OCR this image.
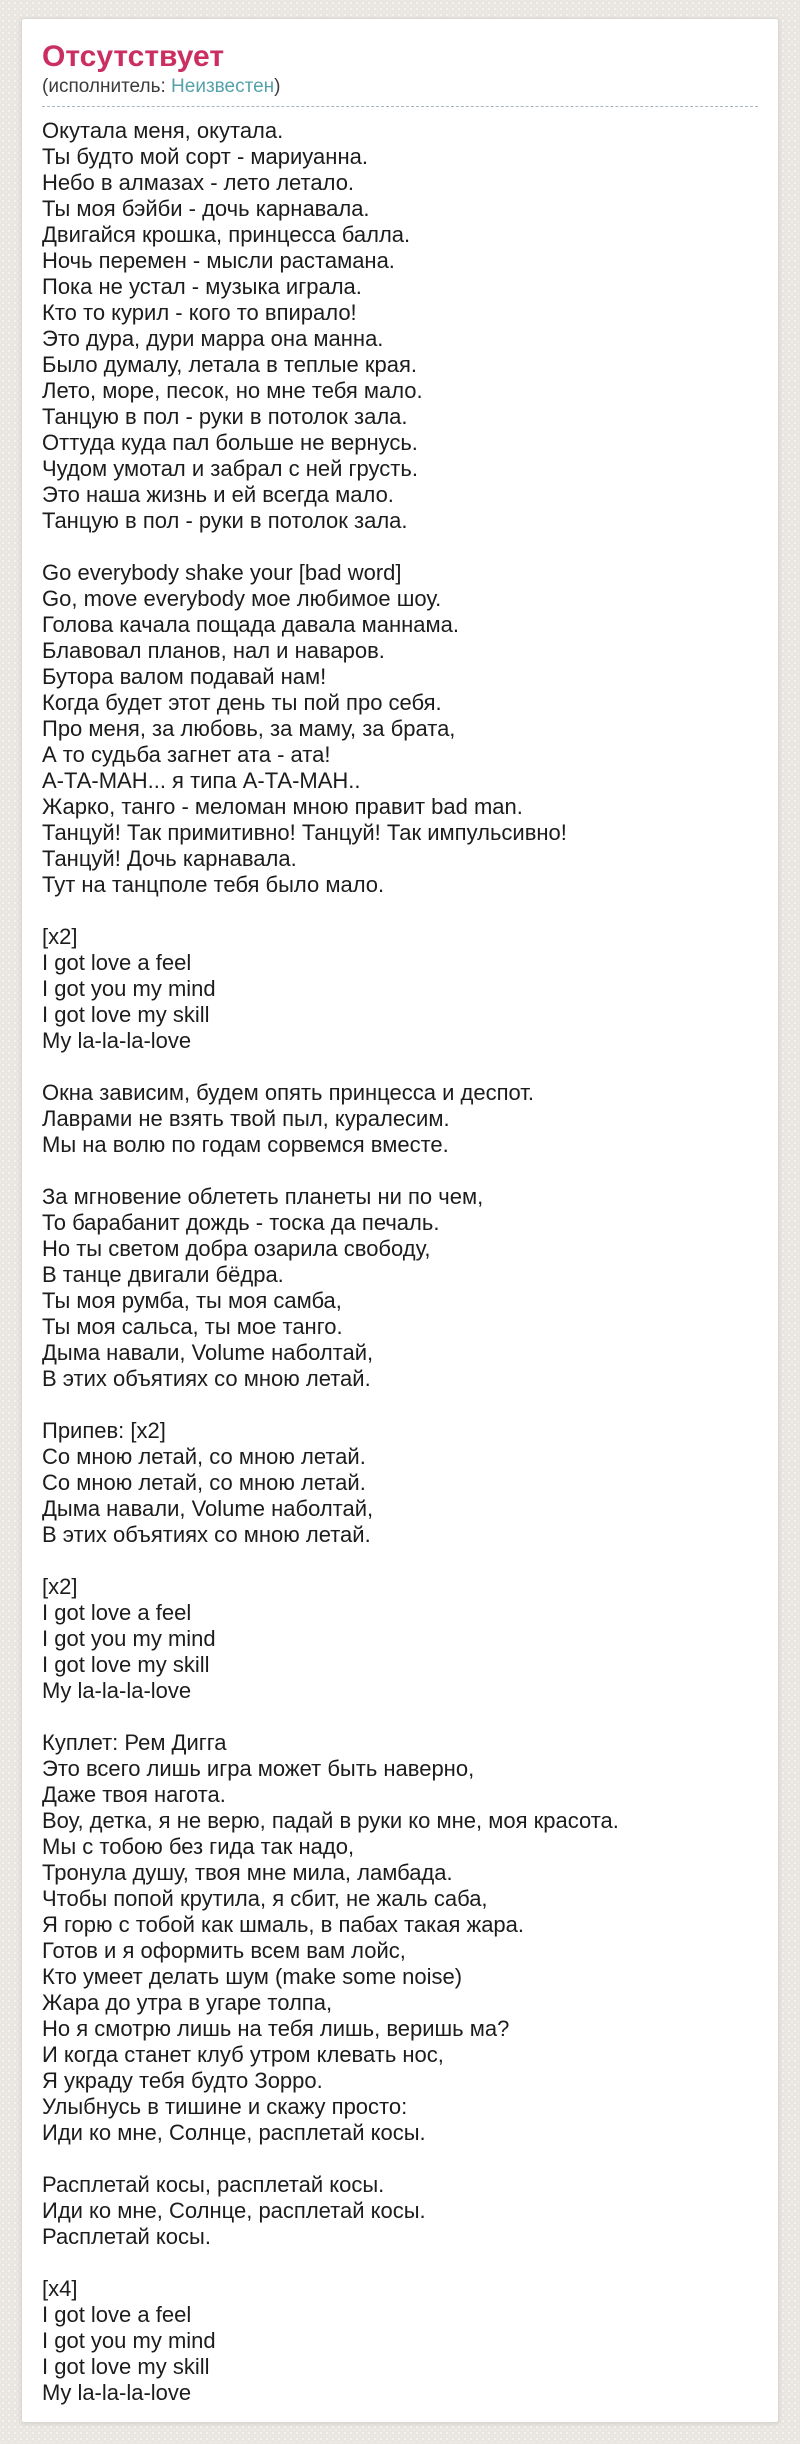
Отсутствует
(исполнитель: Неизвестен)
Окутала меня, окутала.
Ты будто мой сорт - мариуанна.
Небо в алмазах - лето летало.
Ты моя бэйби - дочь карнавала.
Двигайся крошка, принцесса балла.
Ночь перемен - мысли растамана.
Пока не устал - музыка играла.
Кто то курил - кого то впирало!
Это дура, дури марра она манна.
Было думалу, летала в теплые края.
Лето, море, песок, но мне тебя мало.
Танцую в пол - руки в потолок зала.
Оттуда куда пал больше не вернусь.
Чудом умотал и забрал с ней грусть.
Это наша жизнь и ей всегда мало.
Танцую в пол - руки в потолок зала.

Go everybody shake your [bad word]
Go, move everybody мое любимое шоу.
Голова качала пощада давала маннама.
Блавовал планов, нал и наваров.
Бутора валом подавай нам!
Когда будет этот день ты пой про себя.
Про меня, за любовь, за маму, за брата,
А то судьба загнет ата - ата!
А-ТА-МАН... я типа А-ТА-МАН..
Жарко, танго - меломан мною правит bad man.
Танцуй! Так примитивно! Танцуй! Так импульсивно!
Танцуй! Дочь карнавала.
Тут на танцполе тебя было мало.

[x2]
I got love a feel
I got you my mind
I got love my skill
My la-la-la-love

Окна зависим, будем опять принцесса и деспот.
Лаврами не взять твой пыл, куралесим.
Мы на волю по годам сорвемся вместе.

За мгновение облететь планеты ни по чем,
То барабанит дождь - тоска да печаль.
Но ты светом добра озарила свободу,
В танце двигали бёдра.
Ты моя румба, ты моя самба,
Ты моя сальса, ты мое танго.
Дыма навали, Volume наболтай,
В этих объятиях со мною летай.

Припев: [x2]
Со мною летай, со мною летай.
Со мною летай, со мною летай.
Дыма навали, Volume наболтай,
В этих объятиях со мною летай.

[x2]
I got love a feel
I got you my mind
I got love my skill
My la-la-la-love

Куплет: Рем Дигга
Это всего лишь игра может быть наверно,
Даже твоя нагота.
Воу, детка, я не верю, падай в руки ко мне, моя красота.
Мы с тобою без гида так надо,
Тронула душу, твоя мне мила, ламбада.
Чтобы попой крутила, я сбит, не жаль саба,
Я горю с тобой как шмаль, в пабах такая жара.
Готов и я оформить всем вам лойс,
Кто умеет делать шум (make some noise)
Жара до утра в угаре толпа,
Но я смотрю лишь на тебя лишь, веришь ма?
И когда станет клуб утром клевать нос,
Я украду тебя будто Зорро.
Улыбнусь в тишине и скажу просто:
Иди ко мне, Солнце, расплетай косы.

Расплетай косы, расплетай косы.
Иди ко мне, Солнце, расплетай косы.
Расплетай косы.

[x4]
I got love a feel
I got you my mind
I got love my skill
My la-la-la-love
